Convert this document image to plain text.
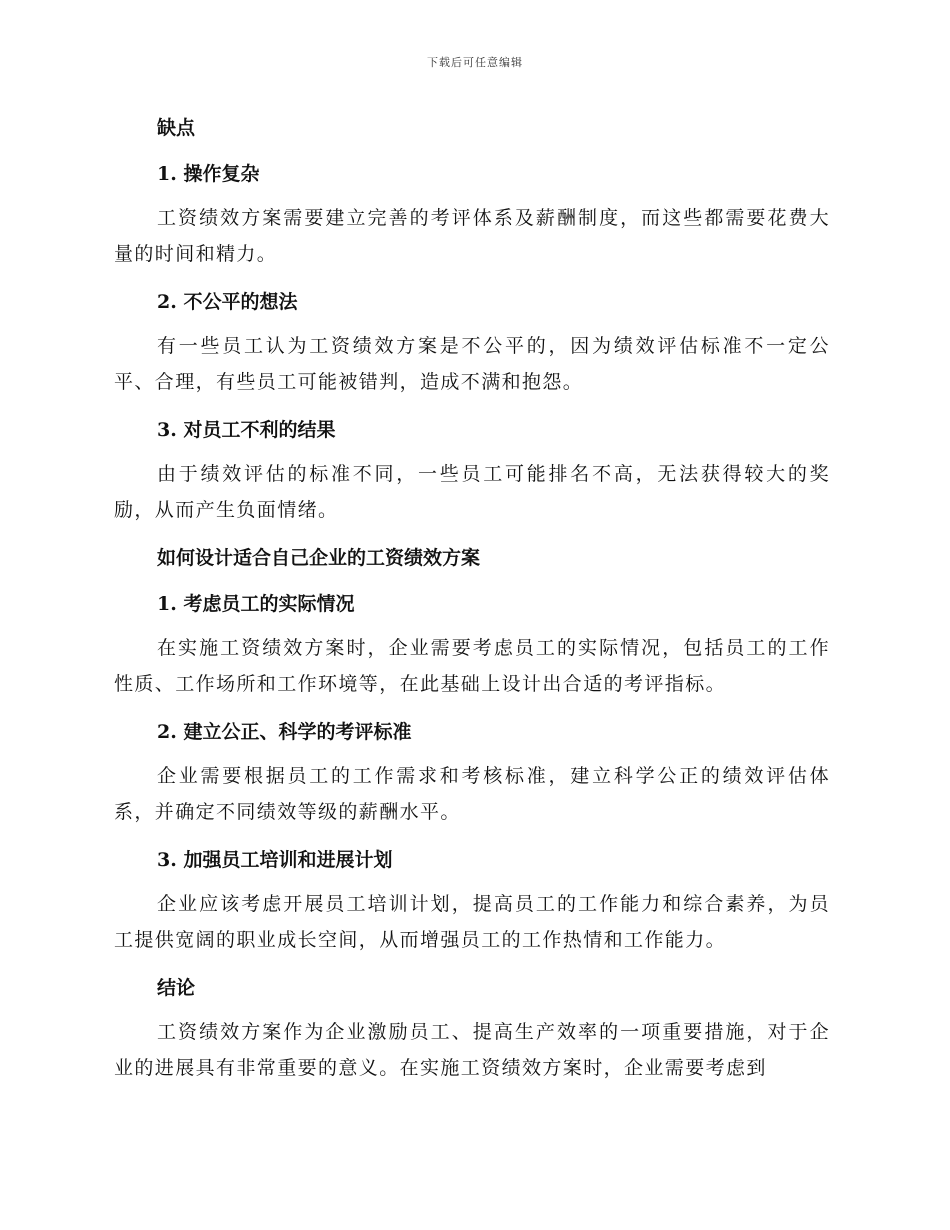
下载后可任意编辑
缺点
1. 操作复杂
工资绩效方案需要建立完善的考评体系及薪酬制度，而这些都需要花费大量的时间和精力。
2. 不公平的想法
有一些员工认为工资绩效方案是不公平的，因为绩效评估标准不一定公平、合理，有些员工可能被错判，造成不满和抱怨。
3. 对员工不利的结果
由于绩效评估的标准不同，一些员工可能排名不高，无法获得较大的奖励，从而产生负面情绪。
如何设计适合自己企业的工资绩效方案
1. 考虑员工的实际情况
在实施工资绩效方案时，企业需要考虑员工的实际情况，包括员工的工作性质、工作场所和工作环境等，在此基础上设计出合适的考评指标。
2. 建立公正、科学的考评标准
企业需要根据员工的工作需求和考核标准，建立科学公正的绩效评估体系，并确定不同绩效等级的薪酬水平。
3. 加强员工培训和进展计划
企业应该考虑开展员工培训计划，提高员工的工作能力和综合素养，为员工提供宽阔的职业成长空间，从而增强员工的工作热情和工作能力。
结论
工资绩效方案作为企业激励员工、提高生产效率的一项重要措施，对于企业的进展具有非常重要的意义。在实施工资绩效方案时，企业需要考虑到
